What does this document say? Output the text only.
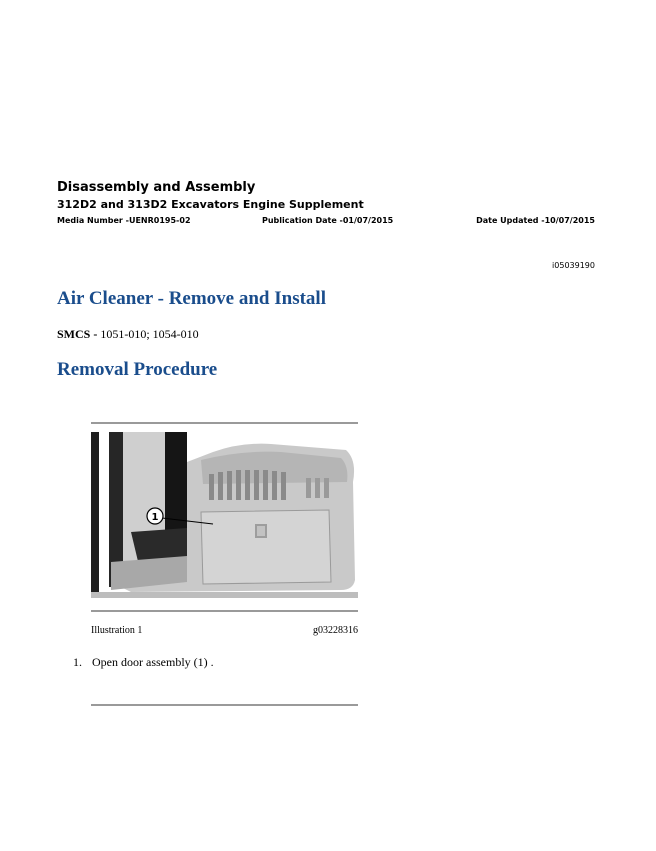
Disassembly and Assembly
312D2 and 313D2 Excavators Engine Supplement
Media Number -UENR0195-02	Publication Date -01/07/2015	Date Updated -10/07/2015
i05039190
Air Cleaner - Remove and Install
SMCS - 1051-010; 1054-010
Removal Procedure
1
Illustration 1	g03228316
1. Open door assembly (1) .
